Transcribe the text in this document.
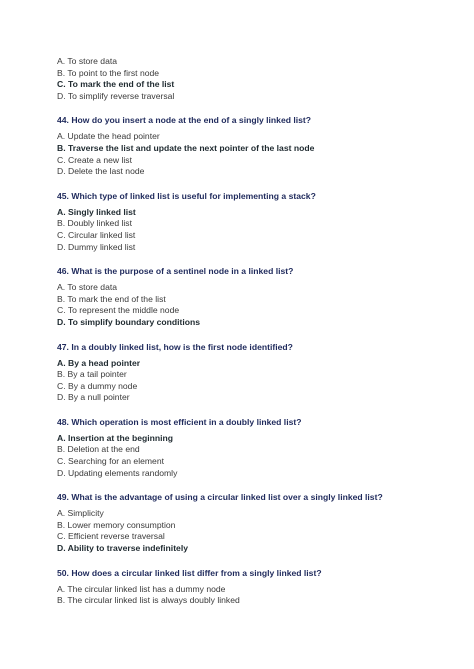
A. To store data
B. To point to the first node
C. To mark the end of the list
D. To simplify reverse traversal
44. How do you insert a node at the end of a singly linked list?
A. Update the head pointer
B. Traverse the list and update the next pointer of the last node
C. Create a new list
D. Delete the last node
45. Which type of linked list is useful for implementing a stack?
A. Singly linked list
B. Doubly linked list
C. Circular linked list
D. Dummy linked list
46. What is the purpose of a sentinel node in a linked list?
A. To store data
B. To mark the end of the list
C. To represent the middle node
D. To simplify boundary conditions
47. In a doubly linked list, how is the first node identified?
A. By a head pointer
B. By a tail pointer
C. By a dummy node
D. By a null pointer
48. Which operation is most efficient in a doubly linked list?
A. Insertion at the beginning
B. Deletion at the end
C. Searching for an element
D. Updating elements randomly
49. What is the advantage of using a circular linked list over a singly linked list?
A. Simplicity
B. Lower memory consumption
C. Efficient reverse traversal
D. Ability to traverse indefinitely
50. How does a circular linked list differ from a singly linked list?
A. The circular linked list has a dummy node
B. The circular linked list is always doubly linked
